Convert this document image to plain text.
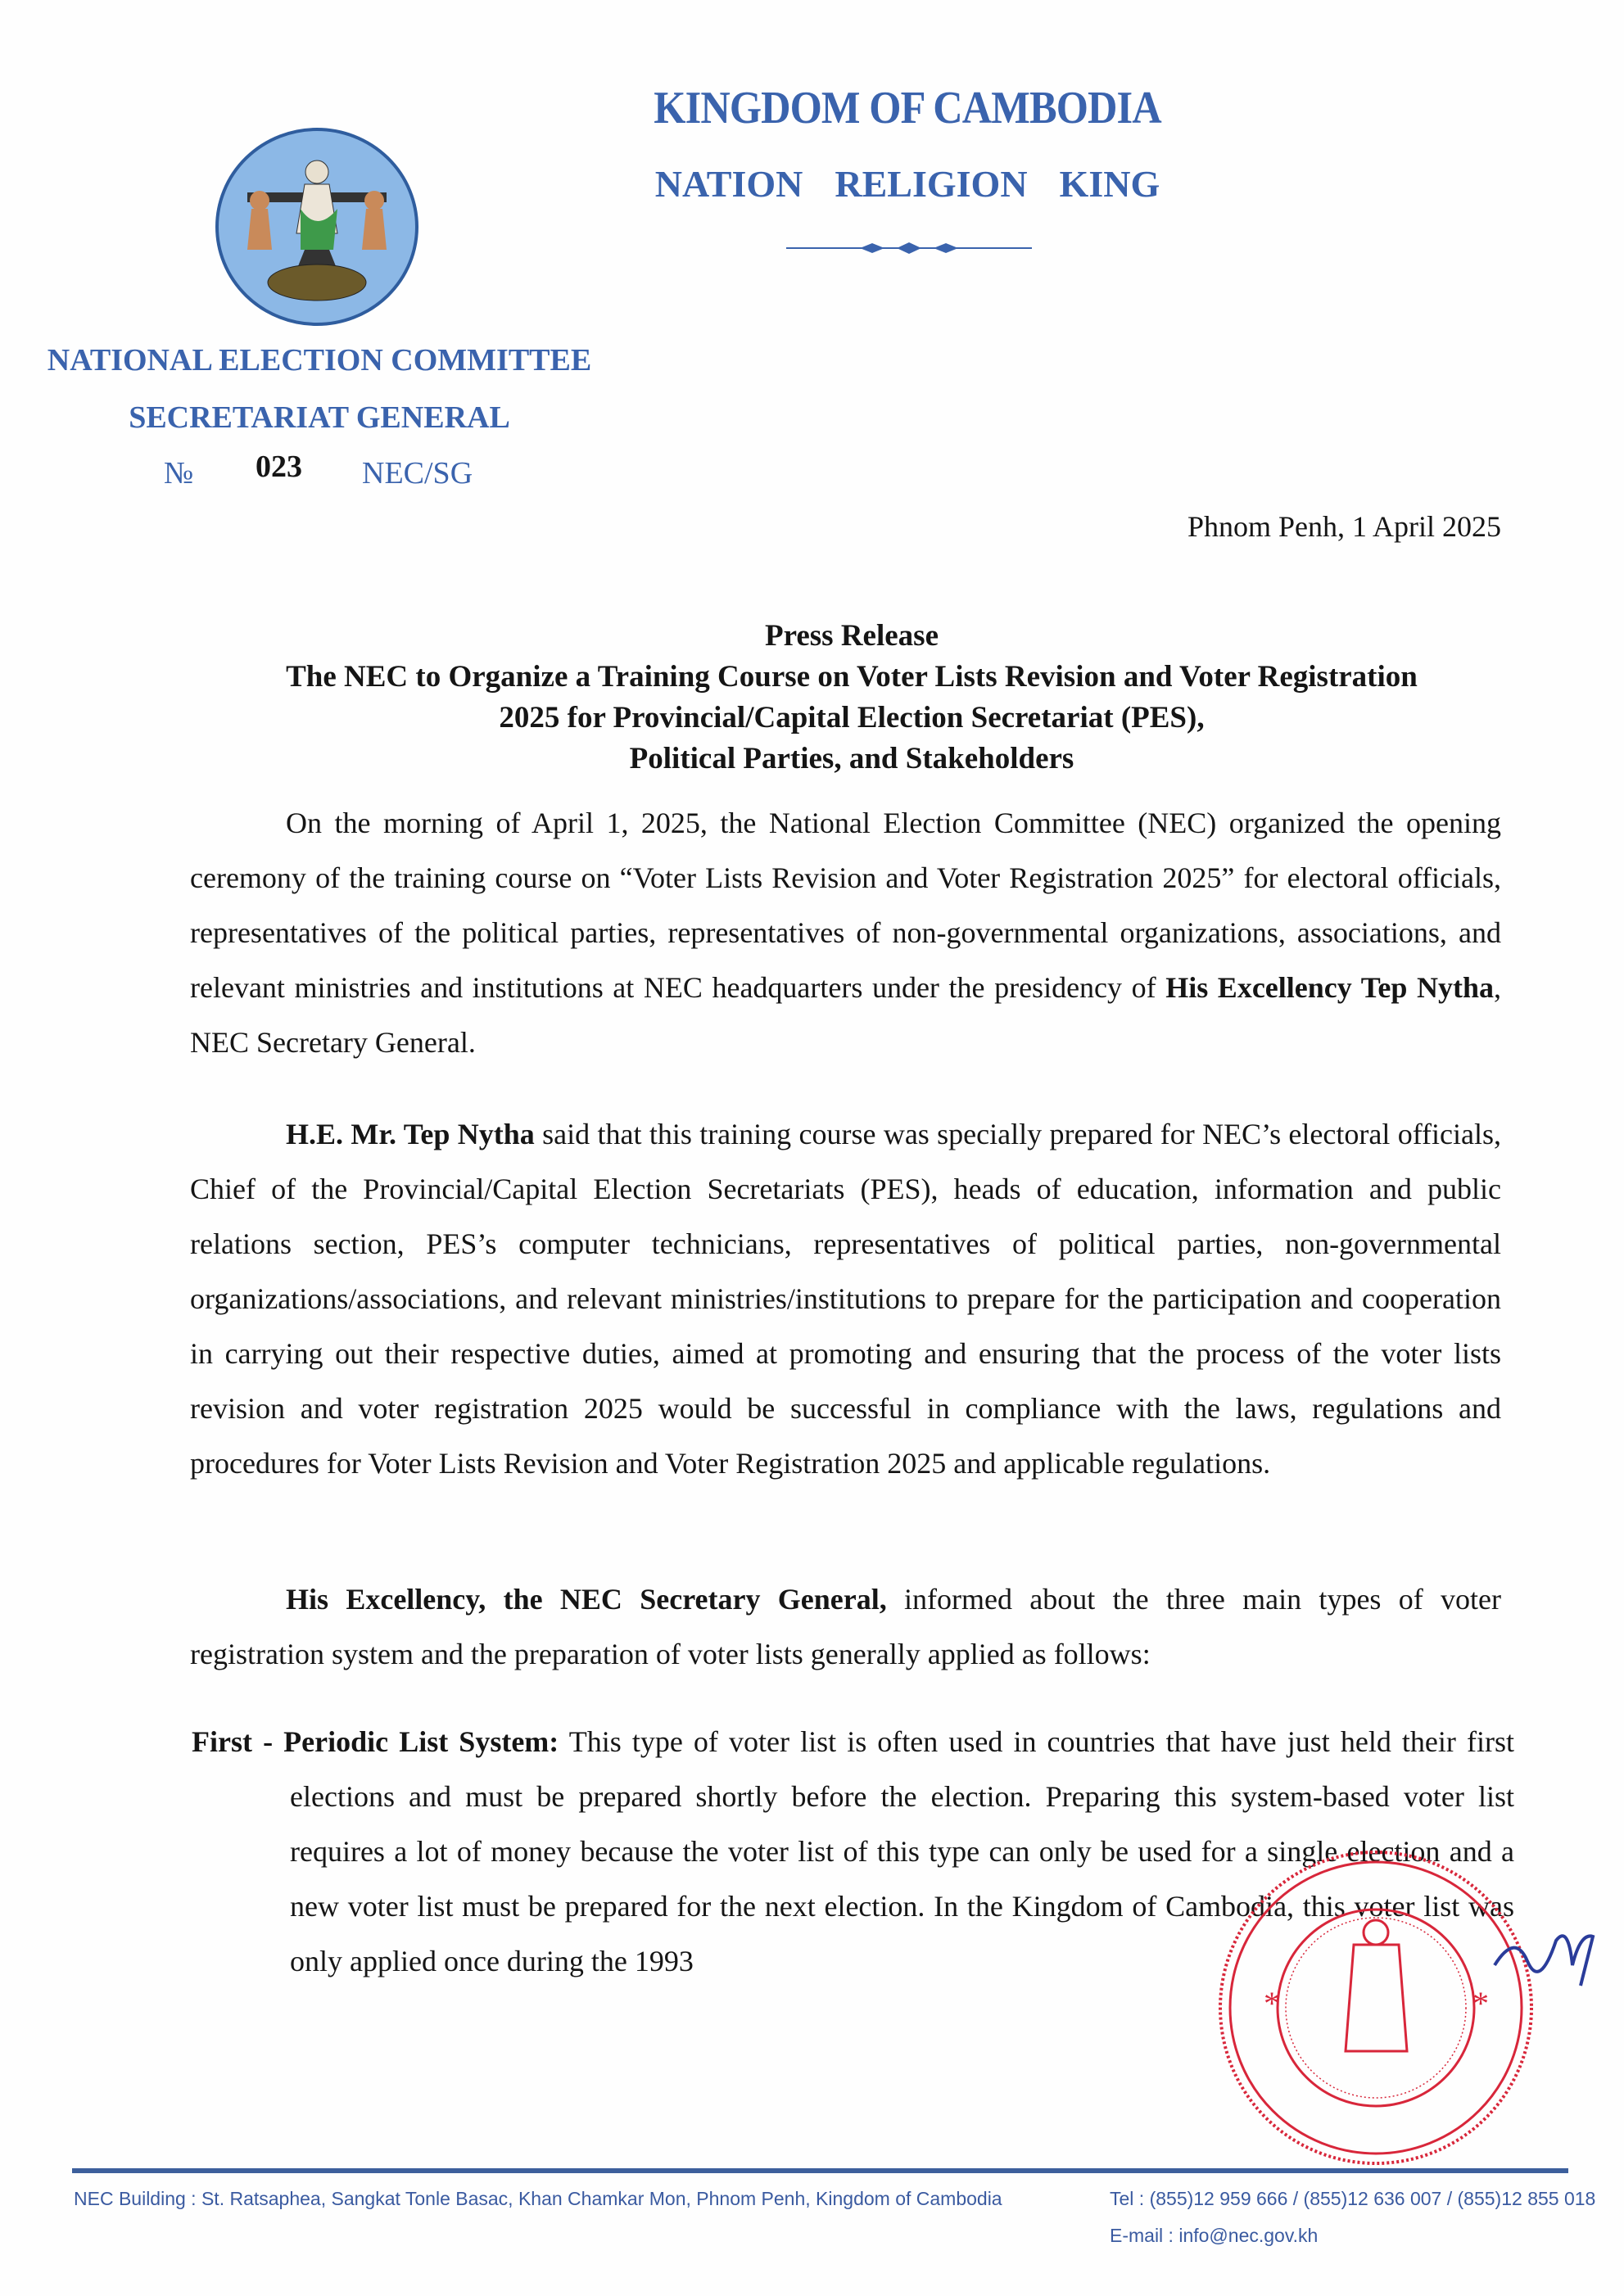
KINGDOM OF CAMBODIA
NATION  RELIGION  KING
NATIONAL ELECTION COMMITTEE
SECRETARIAT GENERAL
№ 023 NEC/SG
Phnom Penh, 1 April 2025
Press Release
The NEC to Organize a Training Course on Voter Lists Revision and Voter Registration
2025 for Provincial/Capital Election Secretariat (PES),
Political Parties, and Stakeholders
On the morning of April 1, 2025, the National Election Committee (NEC) organized the opening ceremony of the training course on “Voter Lists Revision and Voter Registration 2025” for electoral officials, representatives of the political parties, representatives of non-governmental organizations, associations, and relevant ministries and institutions at NEC headquarters under the presidency of His Excellency Tep Nytha, NEC Secretary General.
H.E. Mr. Tep Nytha said that this training course was specially prepared for NEC’s electoral officials, Chief of the Provincial/Capital Election Secretariats (PES), heads of education, information and public relations section, PES’s computer technicians, representatives of political parties, non-governmental organizations/associations, and relevant ministries/institutions to prepare for the participation and cooperation in carrying out their respective duties, aimed at promoting and ensuring that the process of the voter lists revision and voter registration 2025 would be successful in compliance with the laws, regulations and procedures for Voter Lists Revision and Voter Registration 2025 and applicable regulations.
His Excellency, the NEC Secretary General, informed about the three main types of voter registration system and the preparation of voter lists generally applied as follows:
First - Periodic List System: This type of voter list is often used in countries that have just held their first elections and must be prepared shortly before the election. Preparing this system-based voter list requires a lot of money because the voter list of this type can only be used for a single election and a new voter list must be prepared for the next election. In the Kingdom of Cambodia, this voter list was only applied once during the 1993
*	*
NEC Building : St. Ratsaphea, Sangkat Tonle Basac, Khan Chamkar Mon, Phnom Penh, Kingdom of Cambodia	Tel : (855)12 959 666 / (855)12 636 007 / (855)12 855 018
E-mail : info@nec.gov.kh
